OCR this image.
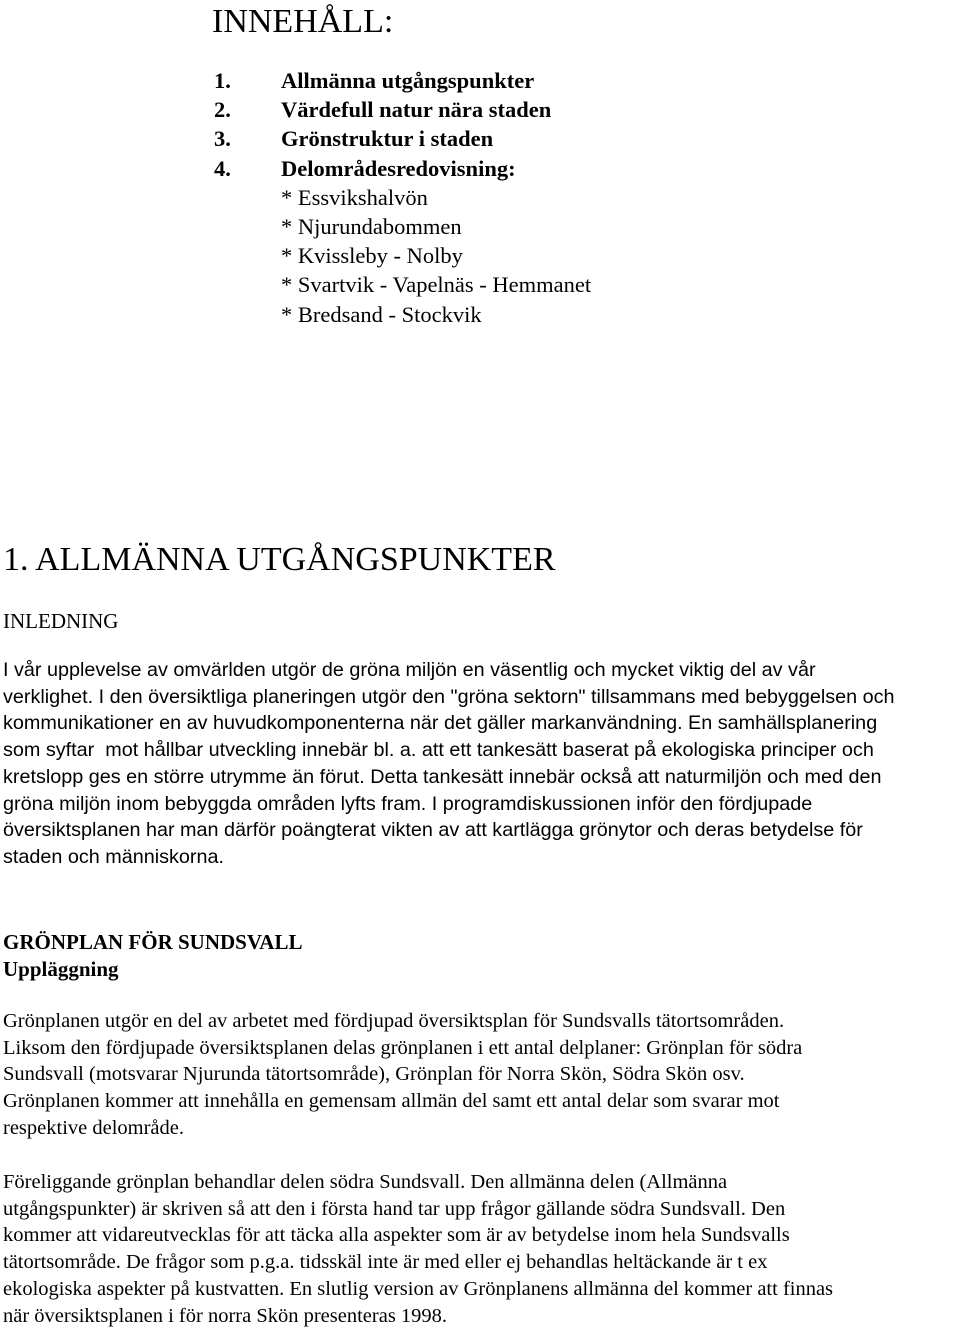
INNEHÅLL:
1. Allmänna utgångspunkter
2. Värdefull natur nära staden
3. Grönstruktur i staden
4. Delområdesredovisning:
* Essvikshalvön
* Njurundabommen
* Kvissleby - Nolby
* Svartvik - Vapelnäs - Hemmanet
* Bredsand - Stockvik
1. ALLMÄNNA UTGÅNGSPUNKTER
INLEDNING
I vår upplevelse av omvärlden utgör de gröna miljön en väsentlig och mycket viktig del av vår
verklighet. I den översiktliga planeringen utgör den "gröna sektorn" tillsammans med bebyggelsen och
kommunikationer en av huvudkomponenterna när det gäller markanvändning. En samhällsplanering
som syftar  mot hållbar utveckling innebär bl. a. att ett tankesätt baserat på ekologiska principer och
kretslopp ges en större utrymme än förut. Detta tankesätt innebär också att naturmiljön och med den
gröna miljön inom bebyggda områden lyfts fram. I programdiskussionen inför den fördjupade
översiktsplanen har man därför poängterat vikten av att kartlägga grönytor och deras betydelse för
staden och människorna.
GRÖNPLAN FÖR SUNDSVALL
Uppläggning
Grönplanen utgör en del av arbetet med fördjupad översiktsplan för Sundsvalls tätortsområden.
Liksom den fördjupade översiktsplanen delas grönplanen i ett antal delplaner: Grönplan för södra
Sundsvall (motsvarar Njurunda tätortsområde), Grönplan för Norra Skön, Södra Skön osv.
Grönplanen kommer att innehålla en gemensam allmän del samt ett antal delar som svarar mot
respektive delområde.
Föreliggande grönplan behandlar delen södra Sundsvall. Den allmänna delen (Allmänna
utgångspunkter) är skriven så att den i första hand tar upp frågor gällande södra Sundsvall. Den
kommer att vidareutvecklas för att täcka alla aspekter som är av betydelse inom hela Sundsvalls
tätortsområde. De frågor som p.g.a. tidsskäl inte är med eller ej behandlas heltäckande är t ex
ekologiska aspekter på kustvatten. En slutlig version av Grönplanens allmänna del kommer att finnas
när översiktsplanen i för norra Skön presenteras 1998.
